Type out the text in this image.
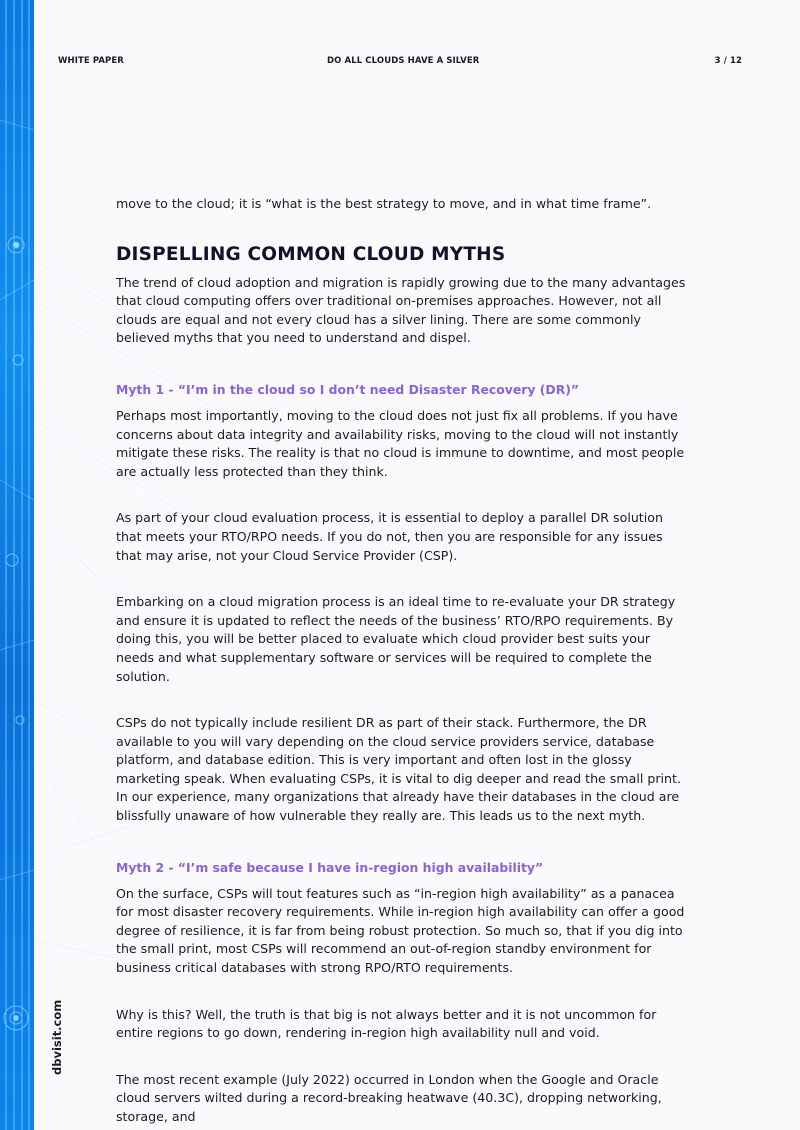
WHITE PAPER	DO ALL CLOUDS HAVE A SILVER	3 / 12
dbvisit.com

move to the cloud; it is “what is the best strategy to move, and in what time frame”.

DISPELLING COMMON CLOUD MYTHS

The trend of cloud adoption and migration is rapidly growing due to the many advantages that cloud computing offers over traditional on-premises approaches. However, not all clouds are equal and not every cloud has a silver lining. There are some commonly believed myths that you need to understand and dispel.

Myth 1 - “I’m in the cloud so I don’t need Disaster Recovery (DR)”

Perhaps most importantly, moving to the cloud does not just fix all problems. If you have concerns about data integrity and availability risks, moving to the cloud will not instantly mitigate these risks. The reality is that no cloud is immune to downtime, and most people are actually less protected than they think.

As part of your cloud evaluation process, it is essential to deploy a parallel DR solution that meets your RTO/RPO needs. If you do not, then you are responsible for any issues that may arise, not your Cloud Service Provider (CSP).

Embarking on a cloud migration process is an ideal time to re-evaluate your DR strategy and ensure it is updated to reflect the needs of the business’ RTO/RPO requirements. By doing this, you will be better placed to evaluate which cloud provider best suits your needs and what supplementary software or services will be required to complete the solution.

CSPs do not typically include resilient DR as part of their stack. Furthermore, the DR available to you will vary depending on the cloud service providers service, database platform, and database edition. This is very important and often lost in the glossy marketing speak. When evaluating CSPs, it is vital to dig deeper and read the small print. In our experience, many organizations that already have their databases in the cloud are blissfully unaware of how vulnerable they really are. This leads us to the next myth.

Myth 2 - “I’m safe because I have in-region high availability”

On the surface, CSPs will tout features such as “in-region high availability” as a panacea for most disaster recovery requirements. While in-region high availability can offer a good degree of resilience, it is far from being robust protection. So much so, that if you dig into the small print, most CSPs will recommend an out-of-region standby environment for business critical databases with strong RPO/RTO requirements.

Why is this? Well, the truth is that big is not always better and it is not uncommon for entire regions to go down, rendering in-region high availability null and void.

The most recent example (July 2022) occurred in London when the Google and Oracle cloud servers wilted during a record-breaking heatwave (40.3C), dropping networking, storage, and
